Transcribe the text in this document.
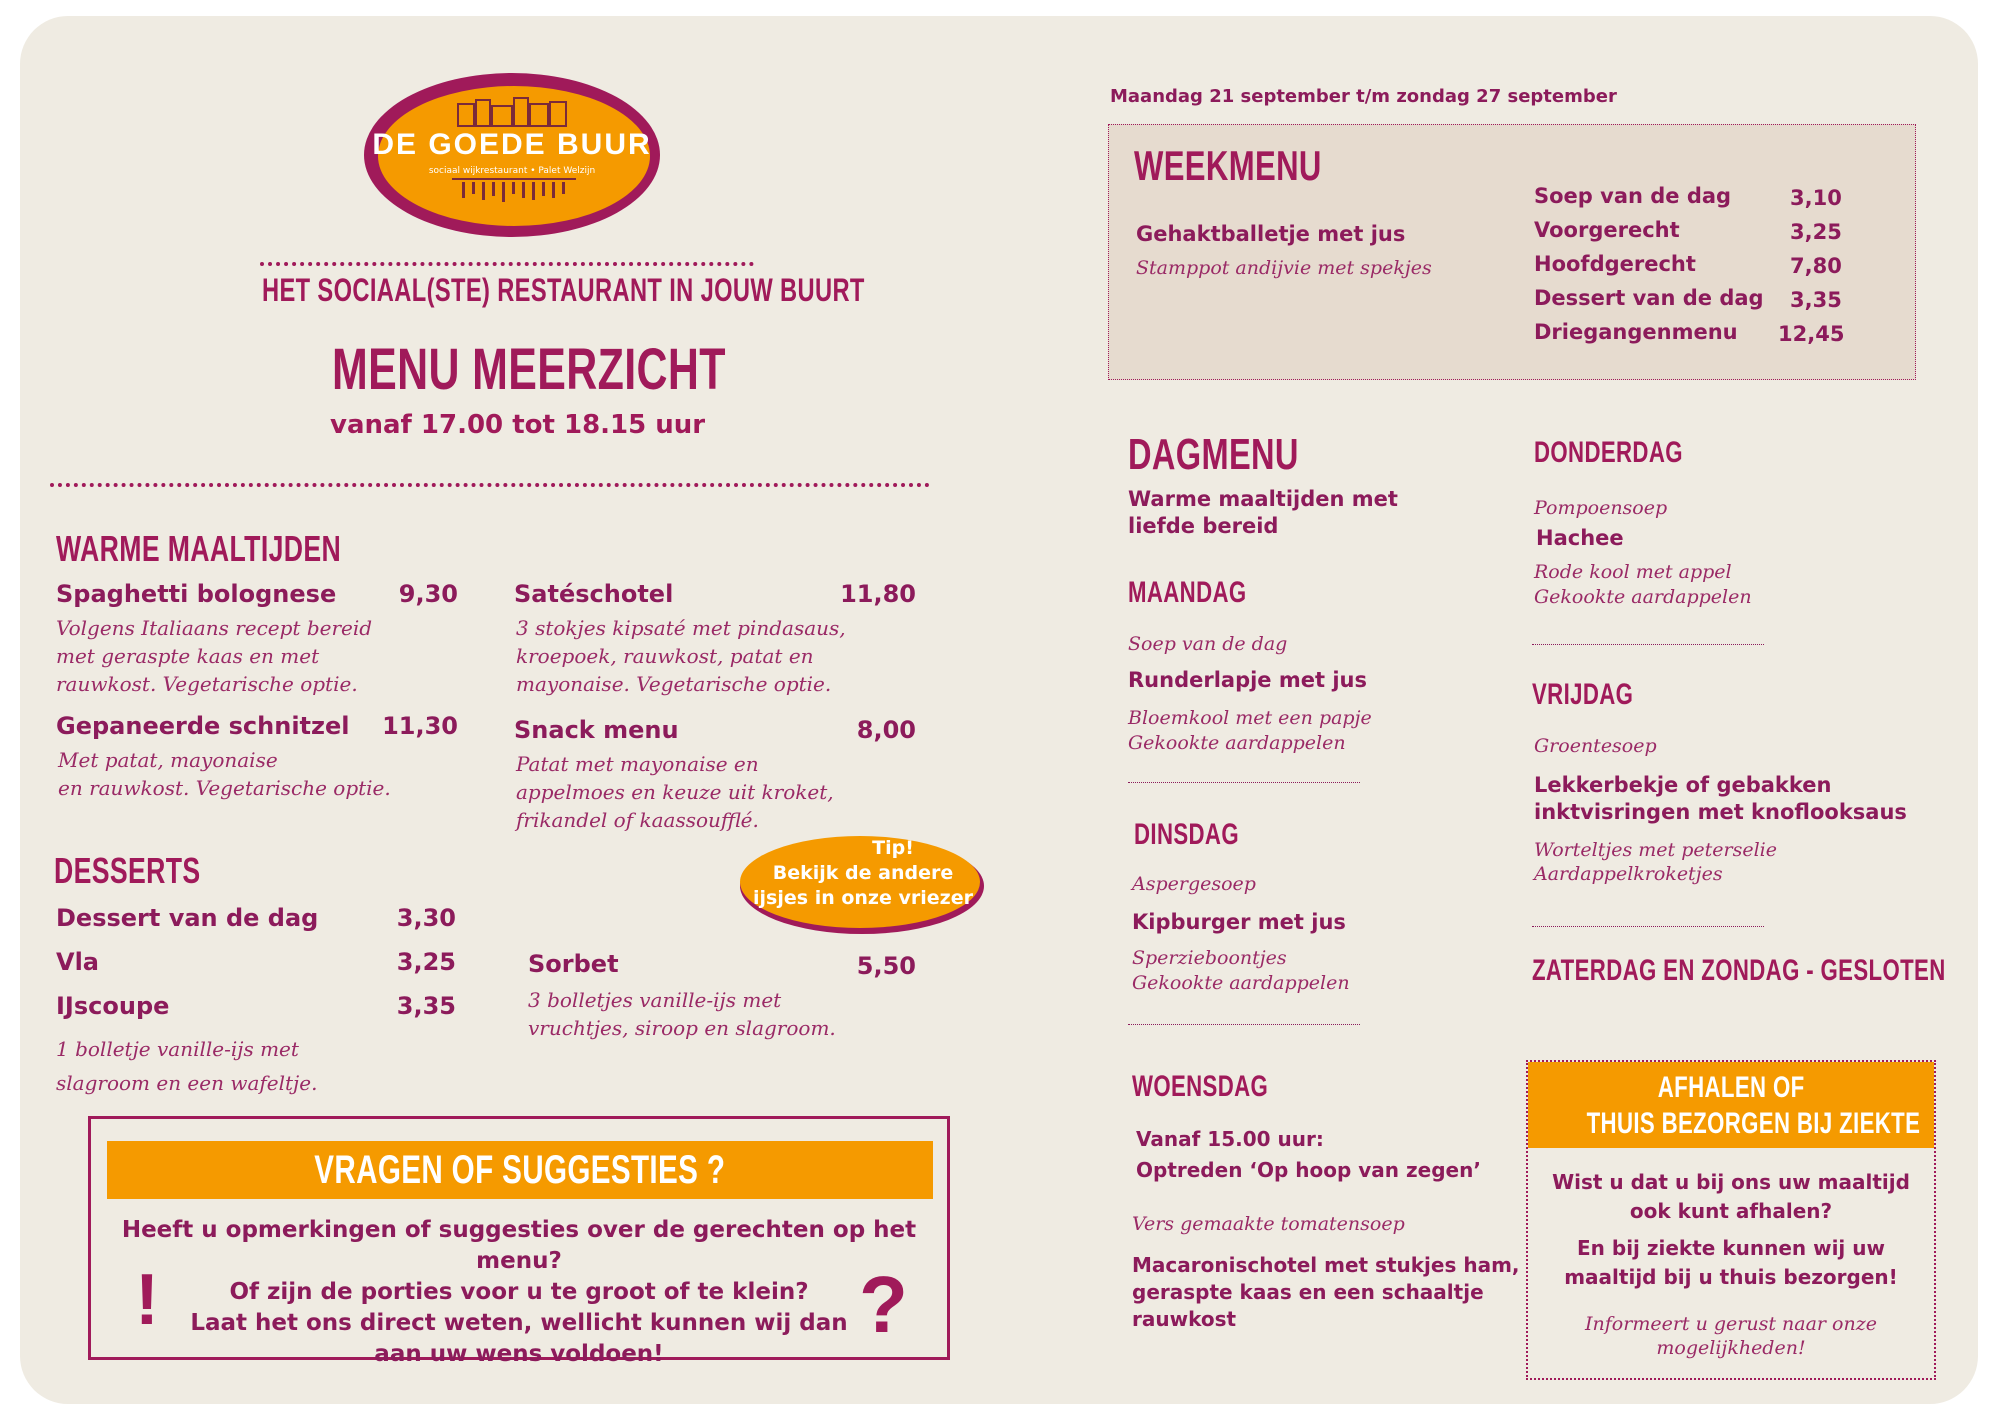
DE GOEDE BUUR
sociaal wijkrestaurant • Palet Welzijn
HET SOCIAAL(STE) RESTAURANT IN JOUW BUURT
MENU MEERZICHT
vanaf 17.00 tot 18.15 uur
WARME MAALTIJDEN
Spaghetti bolognese	9,30
Volgens Italiaans recept bereid
met geraspte kaas en met
rauwkost. Vegetarische optie.
Gepaneerde schnitzel	11,30
Met patat, mayonaise
en rauwkost. Vegetarische optie.
Satéschotel	11,80
3 stokjes kipsaté met pindasaus,
kroepoek, rauwkost, patat en
mayonaise. Vegetarische optie.
Snack menu	8,00
Patat met mayonaise en
appelmoes en keuze uit kroket,
frikandel of kaassoufflé.
Tip!
Bekijk de andere
ijsjes in onze vriezer
DESSERTS
Dessert van de dag	3,30
Vla	3,25
IJscoupe	3,35
1 bolletje vanille-ijs met
slagroom en een wafeltje.
Sorbet	5,50
3 bolletjes vanille-ijs met
vruchtjes, siroop en slagroom.
VRAGEN OF SUGGESTIES ?
Heeft u opmerkingen of suggesties over de gerechten op het menu?
Of zijn de porties voor u te groot of te klein?
Laat het ons direct weten, wellicht kunnen wij dan
aan uw wens voldoen!
!	?
Maandag 21 september t/m zondag 27 september
WEEKMENU
Gehaktballetje met jus
Stamppot andijvie met spekjes
Soep van de dag	3,10
Voorgerecht	3,25
Hoofdgerecht	7,80
Dessert van de dag 3,35
Driegangenmenu 12,45
DAGMENU
Warme maaltijden met
liefde bereid
MAANDAG
Soep van de dag
Runderlapje met jus
Bloemkool met een papje
Gekookte aardappelen
DINSDAG
Aspergesoep
Kipburger met jus
Sperzieboontjes
Gekookte aardappelen
WOENSDAG
Vanaf 15.00 uur:
Optreden ‘Op hoop van zegen’
Vers gemaakte tomatensoep
Macaronischotel met stukjes ham,
geraspte kaas en een schaaltje
rauwkost
DONDERDAG
Pompoensoep
Hachee
Rode kool met appel
Gekookte aardappelen
VRIJDAG
Groentesoep
Lekkerbekje of gebakken
inktvisringen met knoflooksaus
Worteltjes met peterselie
Aardappelkroketjes
ZATERDAG EN ZONDAG - GESLOTEN
AFHALEN OF
THUIS BEZORGEN BIJ ZIEKTE
Wist u dat u bij ons uw maaltijd
ook kunt afhalen?
En bij ziekte kunnen wij uw
maaltijd bij u thuis bezorgen!
Informeert u gerust naar onze
mogelijkheden!
